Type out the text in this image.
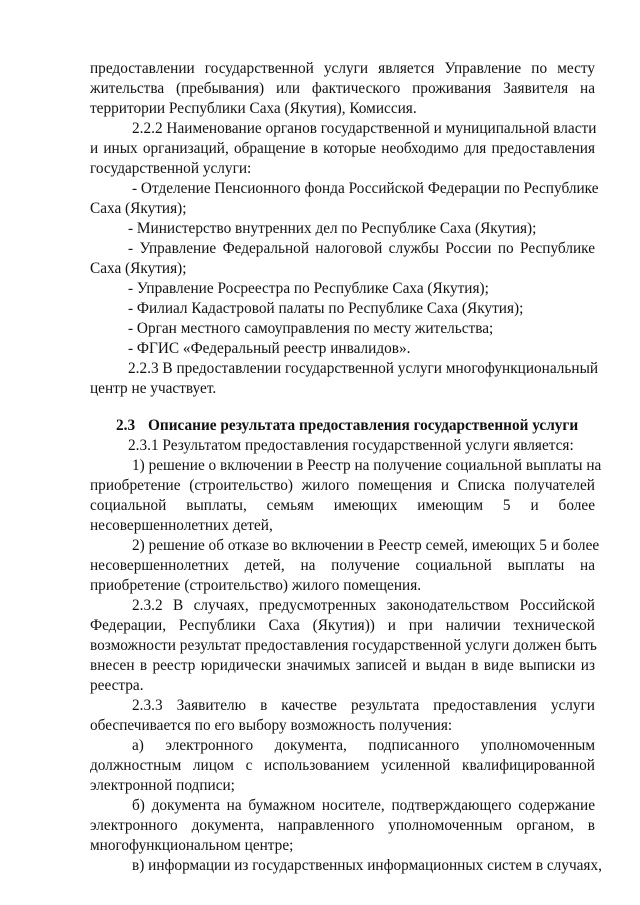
предоставлении государственной услуги является Управление по месту
жительства (пребывания) или фактического проживания Заявителя на
территории Республики Саха (Якутия), Комиссия.
2.2.2 Наименование органов государственной и муниципальной власти
и иных организаций, обращение в которые необходимо для предоставления
государственной услуги:
- Отделение Пенсионного фонда Российской Федерации по Республике
Саха (Якутия);
- Министерство внутренних дел по Республике Саха (Якутия);
- Управление Федеральной налоговой службы России по Республике
Саха (Якутия);
- Управление Росреестра по Республике Саха (Якутия);
- Филиал Кадастровой палаты по Республике Саха (Якутия);
- Орган местного самоуправления по месту жительства;
- ФГИС «Федеральный реестр инвалидов».
2.2.3 В предоставлении государственной услуги многофункциональный
центр не участвует.
2.3 Описание результата предоставления государственной услуги
2.3.1 Результатом предоставления государственной услуги является:
1) решение о включении в Реестр на получение социальной выплаты на
приобретение (строительство) жилого помещения и Списка получателей
социальной выплаты, семьям имеющих имеющим 5 и более
несовершеннолетних детей,
2) решение об отказе во включении в Реестр семей, имеющих 5 и более
несовершеннолетних детей, на получение социальной выплаты на
приобретение (строительство) жилого помещения.
2.3.2 В случаях, предусмотренных законодательством Российской
Федерации, Республики Саха (Якутия)) и при наличии технической
возможности результат предоставления государственной услуги должен быть
внесен в реестр юридически значимых записей и выдан в виде выписки из
реестра.
2.3.3 Заявителю в качестве результата предоставления услуги
обеспечивается по его выбору возможность получения:
а) электронного документа, подписанного уполномоченным
должностным лицом с использованием усиленной квалифицированной
электронной подписи;
б) документа на бумажном носителе, подтверждающего содержание
электронного документа, направленного уполномоченным органом, в
многофункциональном центре;
в) информации из государственных информационных систем в случаях,
